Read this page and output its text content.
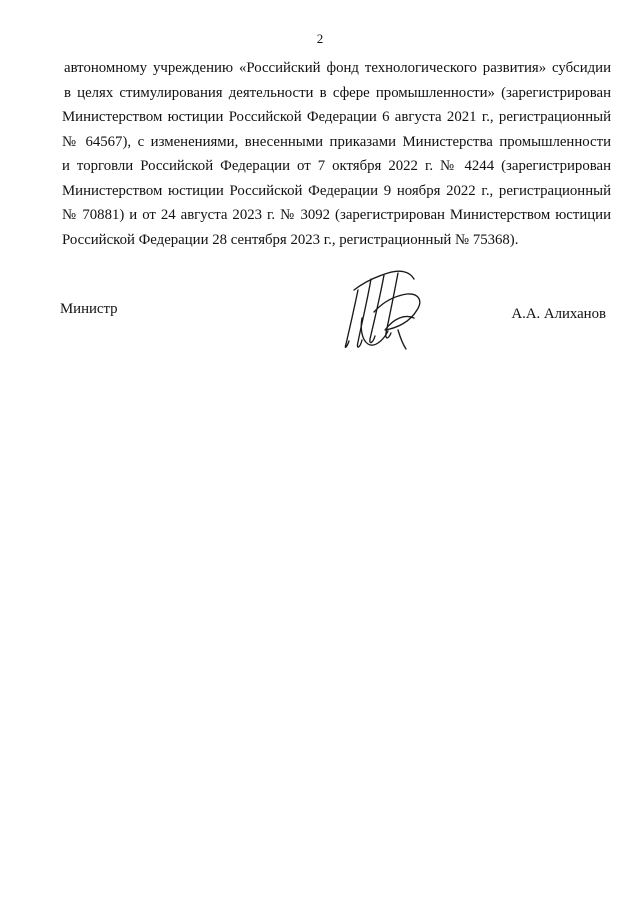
2

автономному учреждению «Российский фонд технологического развития» субсидии
в целях стимулирования деятельности в сфере промышленности» (зарегистрирован
Министерством юстиции Российской Федерации 6 августа 2021 г., регистрационный
№ 64567), с изменениями, внесенными приказами Министерства промышленности
и торговли Российской Федерации от 7 октября 2022 г. № 4244 (зарегистрирован
Министерством юстиции Российской Федерации 9 ноября 2022 г., регистрационный
№ 70881) и от 24 августа 2023 г. № 3092 (зарегистрирован Министерством юстиции
Российской Федерации 28 сентября 2023 г., регистрационный № 75368).

Министр	А.А. Алиханов
